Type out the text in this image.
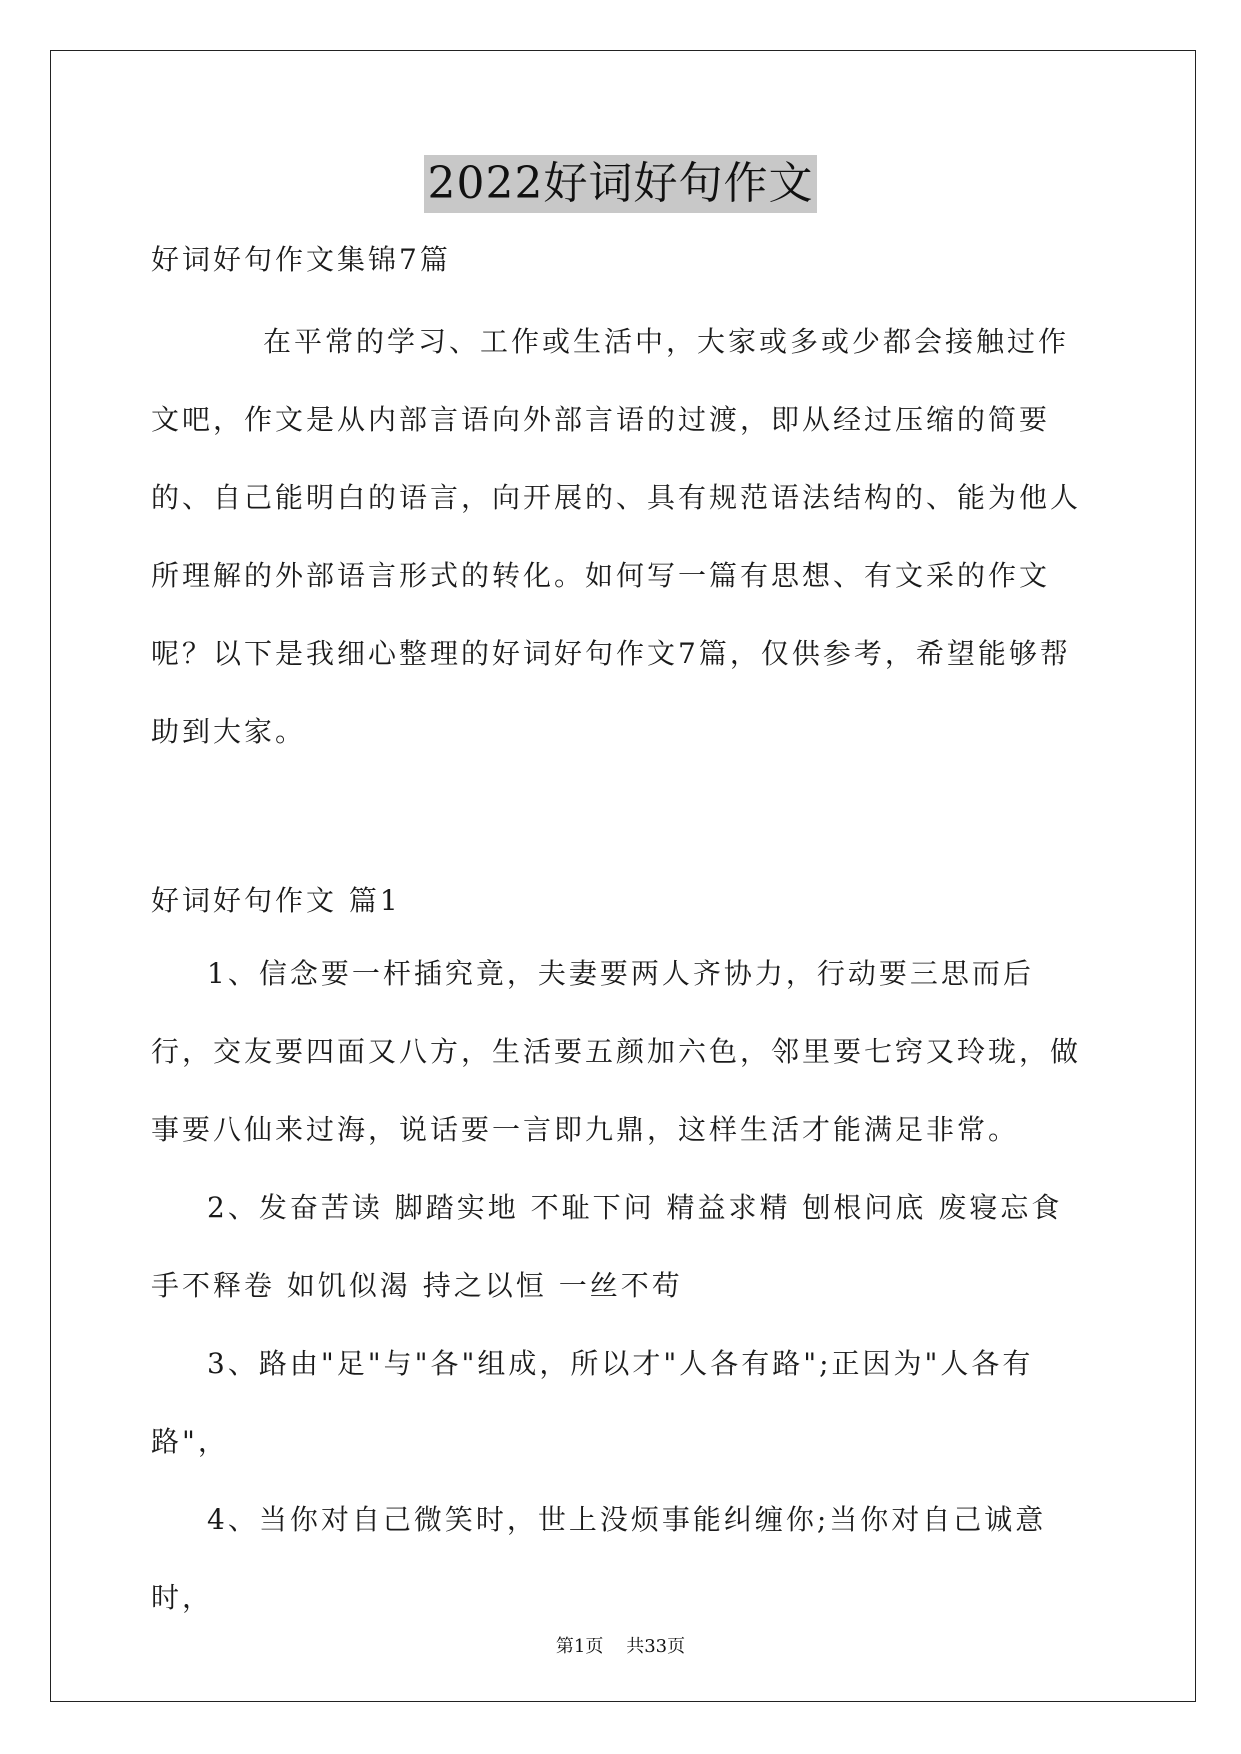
2022好词好句作文

好词好句作文集锦7篇

在平常的学习、工作或生活中，大家或多或少都会接触过作文吧，作文是从内部言语向外部言语的过渡，即从经过压缩的简要的、自己能明白的语言，向开展的、具有规范语法结构的、能为他人所理解的外部语言形式的转化。如何写一篇有思想、有文采的作文呢？以下是我细心整理的好词好句作文7篇，仅供参考，希望能够帮助到大家。

好词好句作文 篇1

1、信念要一杆插究竟，夫妻要两人齐协力，行动要三思而后行，交友要四面又八方，生活要五颜加六色，邻里要七窍又玲珑，做事要八仙来过海，说话要一言即九鼎，这样生活才能满足非常。

2、发奋苦读 脚踏实地 不耻下问 精益求精 刨根问底 废寝忘食 手不释卷 如饥似渴 持之以恒 一丝不苟

3、路由"足"与"各"组成，所以才"人各有路";正因为"人各有路"，

4、当你对自己微笑时，世上没烦事能纠缠你;当你对自己诚意时，

第1页 共33页
